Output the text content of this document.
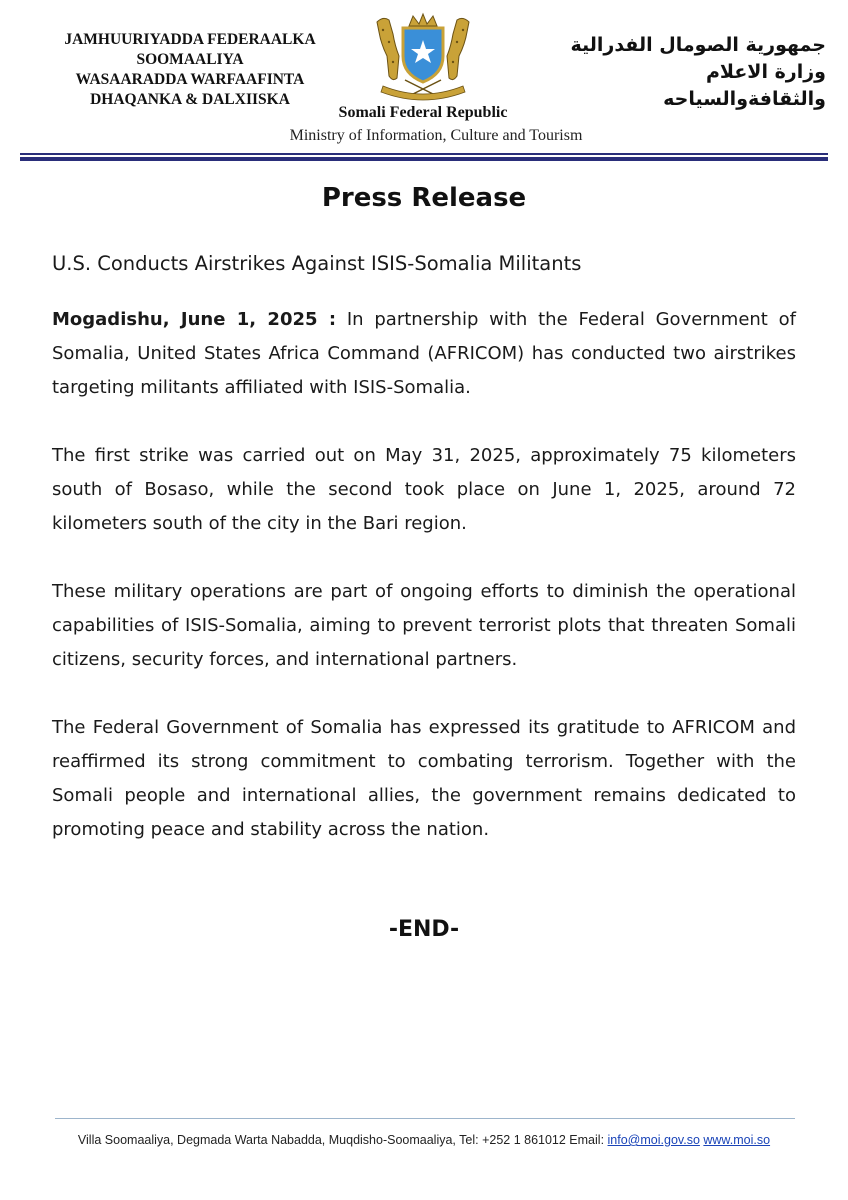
JAMHUURIYADDA FEDERAALKA
SOOMAALIYA
WASAARADDA WARFAAFINTA
DHAQANKA & DALXIISKA
جمهورية الصومال الفدرالية
وزارة الاعلام
والثقافةوالسياحه
Somali Federal Republic
Ministry of Information, Culture and Tourism
Press Release
U.S. Conducts Airstrikes Against ISIS-Somalia Militants

Mogadishu, June 1, 2025 : In partnership with the Federal Government of Somalia, United States Africa Command (AFRICOM) has conducted two airstrikes targeting militants affiliated with ISIS-Somalia.

The first strike was carried out on May 31, 2025, approximately 75 kilometers south of Bosaso, while the second took place on June 1, 2025, around 72 kilometers south of the city in the Bari region.

These military operations are part of ongoing efforts to diminish the operational capabilities of ISIS-Somalia, aiming to prevent terrorist plots that threaten Somali citizens, security forces, and international partners.

The Federal Government of Somalia has expressed its gratitude to AFRICOM and reaffirmed its strong commitment to combating terrorism. Together with the Somali people and international allies, the government remains dedicated to promoting peace and stability across the nation.

-END-
Villa Soomaaliya, Degmada Warta Nabadda, Muqdisho-Soomaaliya, Tel: +252 1 861012 Email: info@moi.gov.so www.moi.so
